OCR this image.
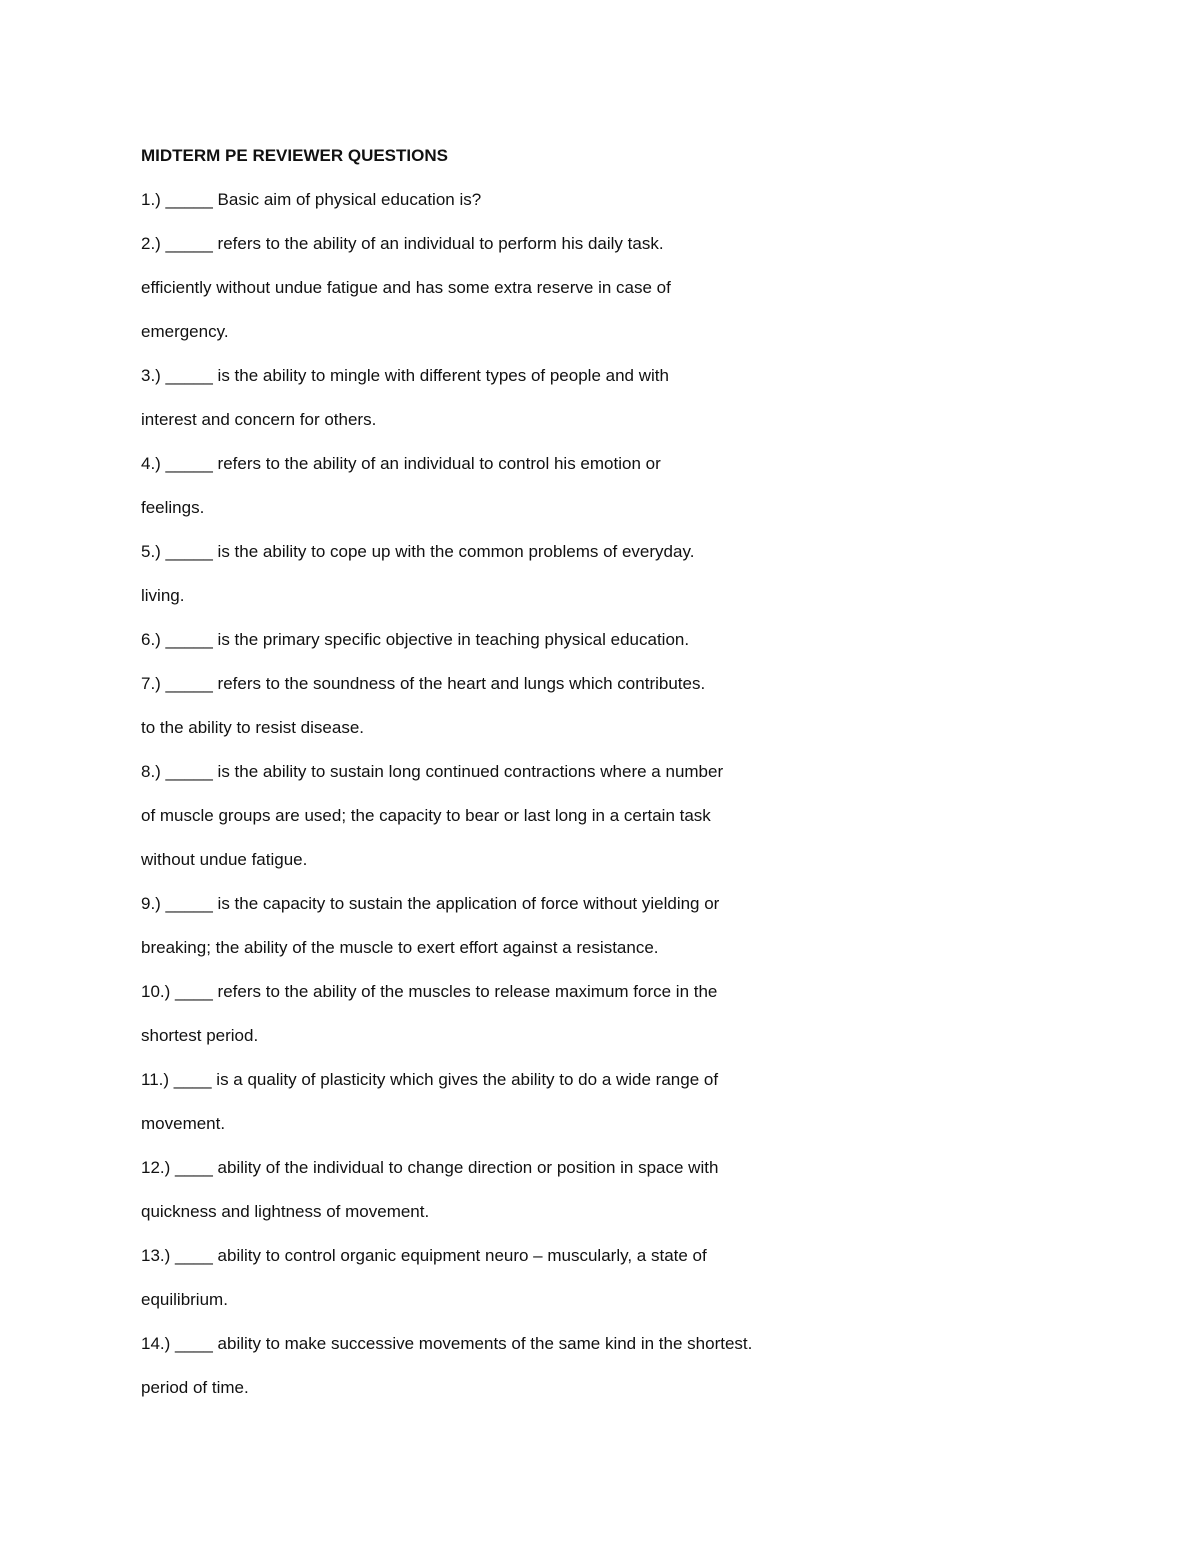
MIDTERM PE REVIEWER QUESTIONS
1.) _____ Basic aim of physical education is?
2.) _____ refers to the ability of an individual to perform his daily task.
efficiently without undue fatigue and has some extra reserve in case of
emergency.
3.) _____ is the ability to mingle with different types of people and with
interest and concern for others.
4.) _____ refers to the ability of an individual to control his emotion or
feelings.
5.) _____ is the ability to cope up with the common problems of everyday.
living.
6.) _____ is the primary specific objective in teaching physical education.
7.) _____ refers to the soundness of the heart and lungs which contributes.
to the ability to resist disease.
8.) _____ is the ability to sustain long continued contractions where a number
of muscle groups are used; the capacity to bear or last long in a certain task
without undue fatigue.
9.) _____ is the capacity to sustain the application of force without yielding or
breaking; the ability of the muscle to exert effort against a resistance.
10.) ____ refers to the ability of the muscles to release maximum force in the
shortest period.
11.) ____ is a quality of plasticity which gives the ability to do a wide range of
movement.
12.) ____ ability of the individual to change direction or position in space with
quickness and lightness of movement.
13.) ____ ability to control organic equipment neuro – muscularly, a state of
equilibrium.
14.) ____ ability to make successive movements of the same kind in the shortest.
period of time.
